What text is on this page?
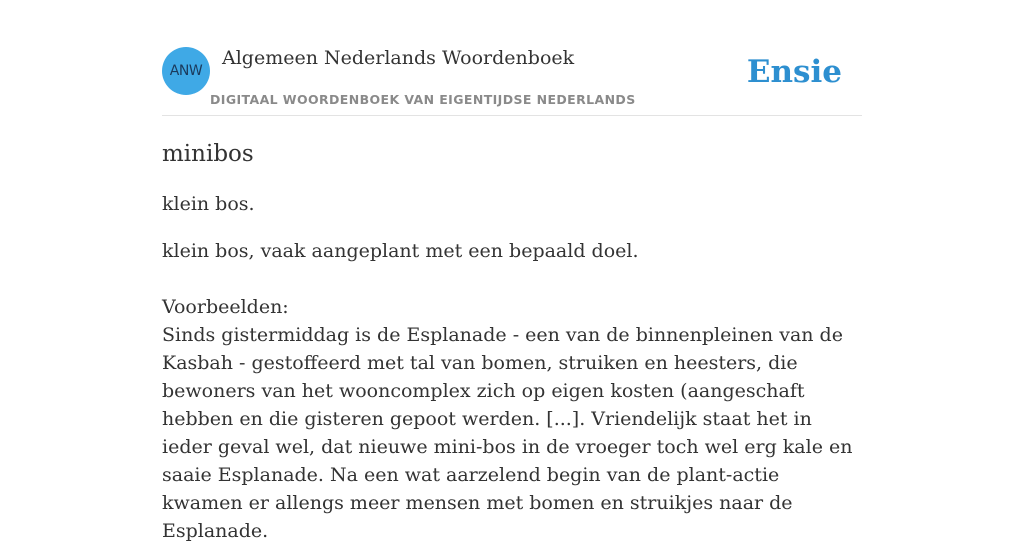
ANW
Algemeen Nederlands Woordenboek
DIGITAAL WOORDENBOEK VAN EIGENTIJDSE NEDERLANDS
Ensie
minibos

klein bos.

klein bos, vaak aangeplant met een bepaald doel.

Voorbeelden:

Sinds gistermiddag is de Esplanade - een van de binnenpleinen van de Kasbah - gestoffeerd met tal van bomen, struiken en heesters, die bewoners van het wooncomplex zich op eigen kosten (aangeschaft hebben en die gisteren gepoot werden. [...]. Vriendelijk staat het in ieder geval wel, dat nieuwe mini-bos in de vroeger toch wel erg kale en saaie Esplanade. Na een wat aarzelend begin van de plant-actie kwamen er allengs meer mensen met bomen en struikjes naar de Esplanade.
